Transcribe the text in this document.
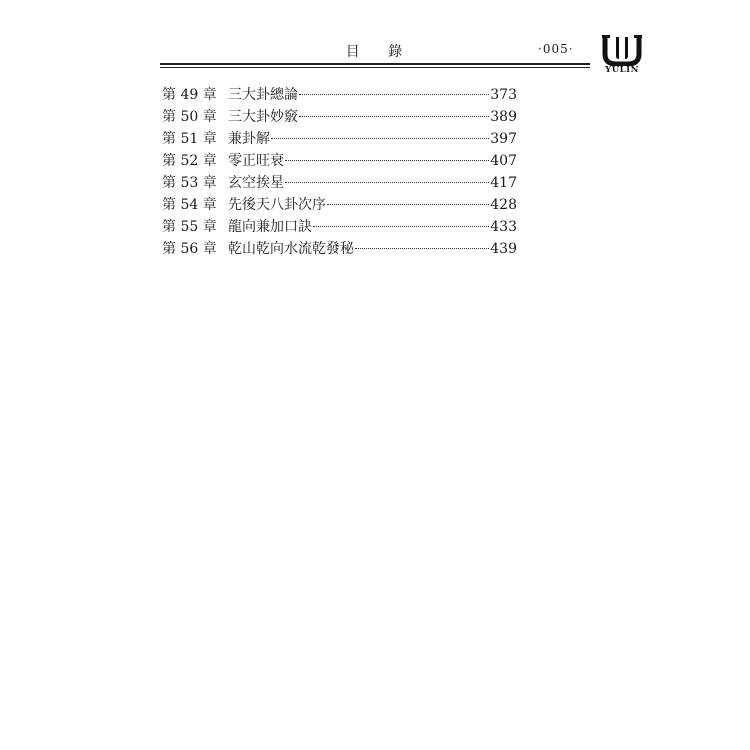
目 錄	‧005‧
YULIN
第 49 章 三大卦總論	373
第 50 章 三大卦妙竅	389
第 51 章 兼卦解	397
第 52 章 零正旺衰	407
第 53 章 玄空挨星	417
第 54 章 先後天八卦次序	428
第 55 章 龍向兼加口訣	433
第 56 章 乾山乾向水流乾發秘	439
